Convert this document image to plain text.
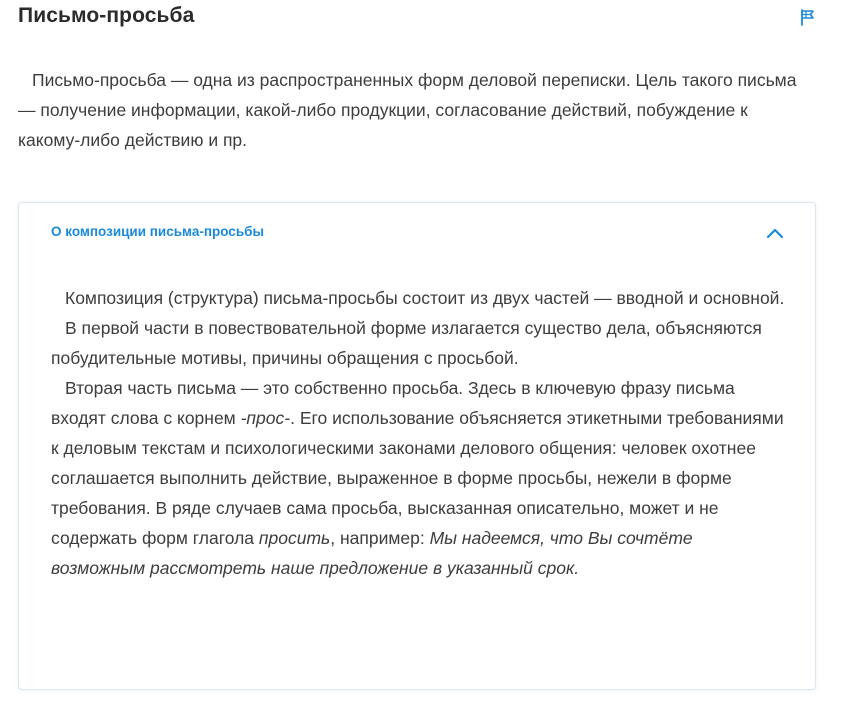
Письмо-просьба

Письмо-просьба — одна из распространенных форм деловой переписки. Цель такого письма — получение информации, какой-либо продукции, согласование действий, побуждение к какому-либо действию и пр.

О композиции письма-просьбы

Композиция (структура) письма-просьбы состоит из двух частей — вводной и основной.

В первой части в повествовательной форме излагается существо дела, объясняются побудительные мотивы, причины обращения с просьбой.

Вторая часть письма — это собственно просьба. Здесь в ключевую фразу письма входят слова с корнем -прос-. Его использование объясняется этикетными требованиями к деловым текстам и психологическими законами делового общения: человек охотнее соглашается выполнить действие, выраженное в форме просьбы, нежели в форме требования. В ряде случаев сама просьба, высказанная описательно, может и не содержать форм глагола просить, например: Мы надеемся, что Вы сочтёте возможным рассмотреть наше предложение в указанный срок.
